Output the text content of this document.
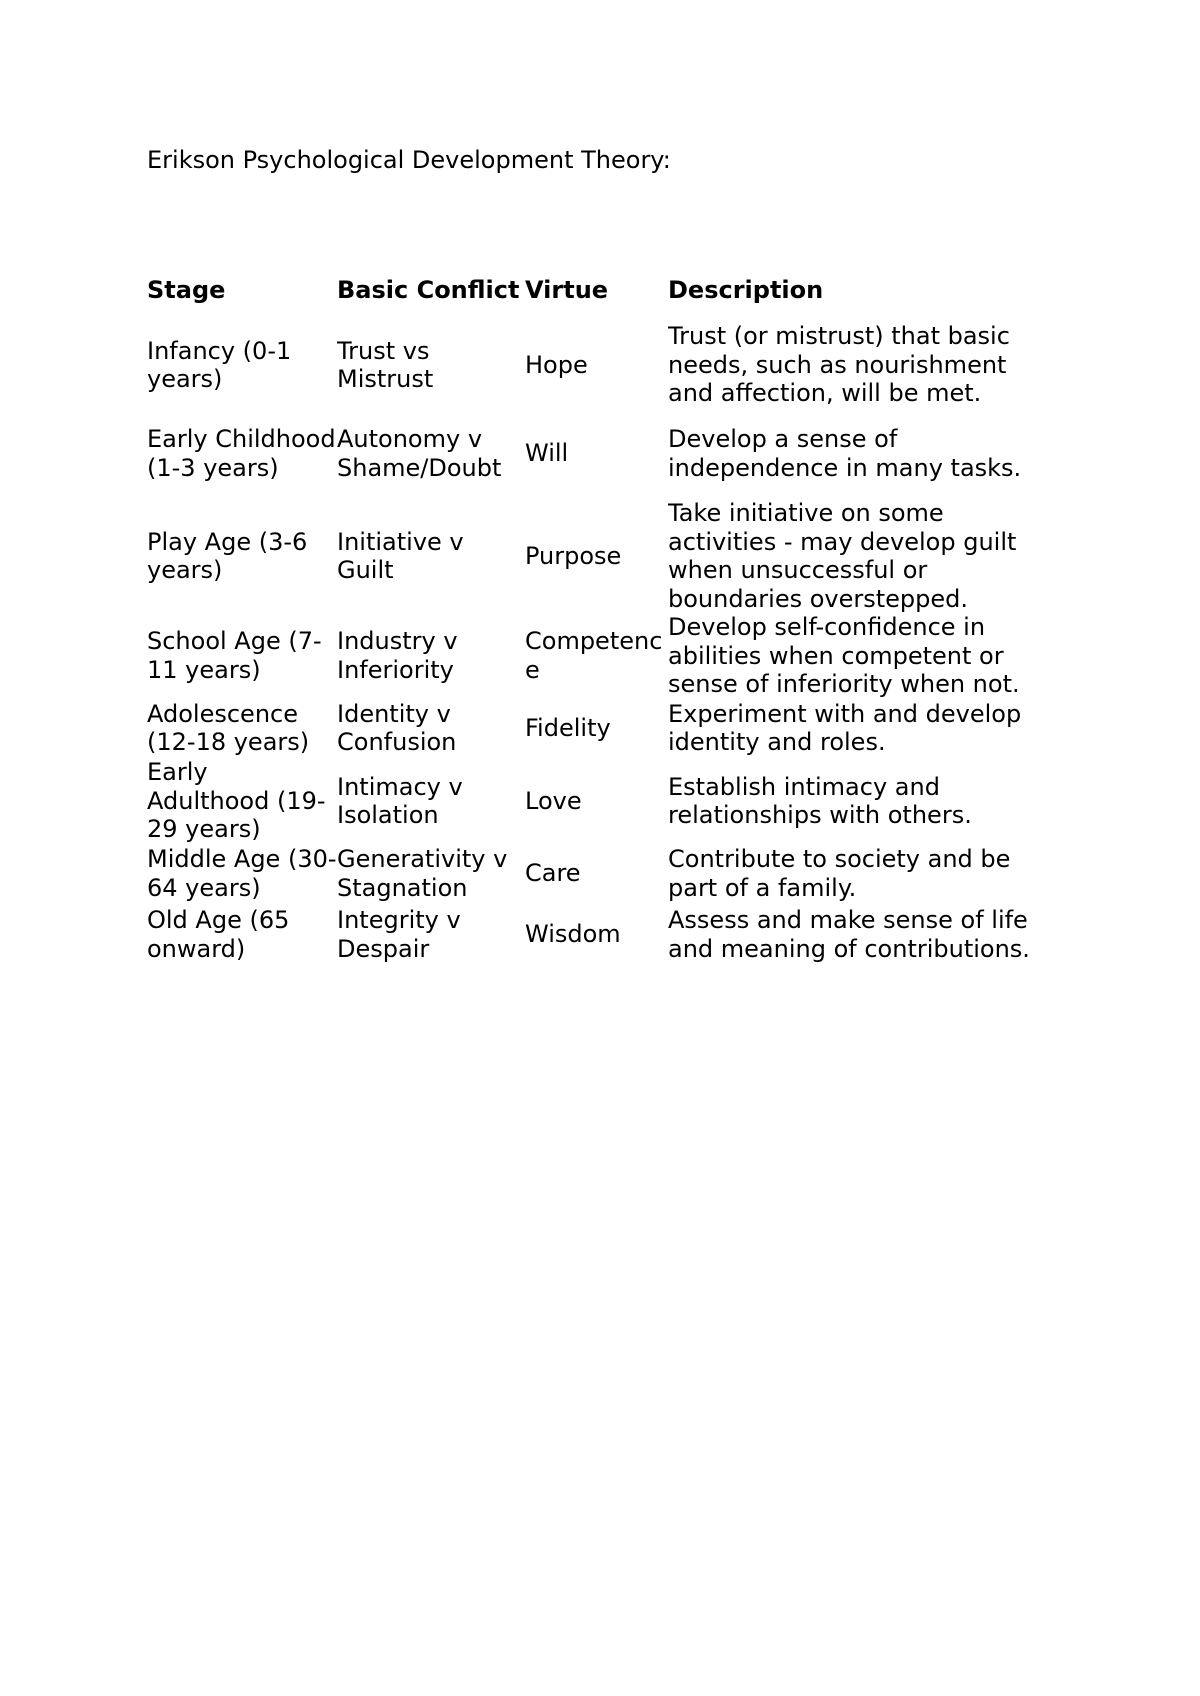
Erikson Psychological Development Theory:
Stage	Basic Conflict	Virtue	Description
Infancy (0-1 years)	Trust vs Mistrust	Hope	Trust (or mistrust) that basic needs, such as nourishment and affection, will be met.
Early Childhood (1-3 years)	Autonomy v Shame/Doubt	Will	Develop a sense of independence in many tasks.
Play Age (3-6 years)	Initiative v Guilt	Purpose	Take initiative on some activities - may develop guilt when unsuccessful or boundaries overstepped.
School Age (7-11 years)	Industry v Inferiority	Competence	Develop self-confidence in abilities when competent or sense of inferiority when not.
Adolescence (12-18 years)	Identity v Confusion	Fidelity	Experiment with and develop identity and roles.
Early Adulthood (19-29 years)	Intimacy v Isolation	Love	Establish intimacy and relationships with others.
Middle Age (30-64 years)	Generativity v Stagnation	Care	Contribute to society and be part of a family.
Old Age (65 onward)	Integrity v Despair	Wisdom	Assess and make sense of life and meaning of contributions.
